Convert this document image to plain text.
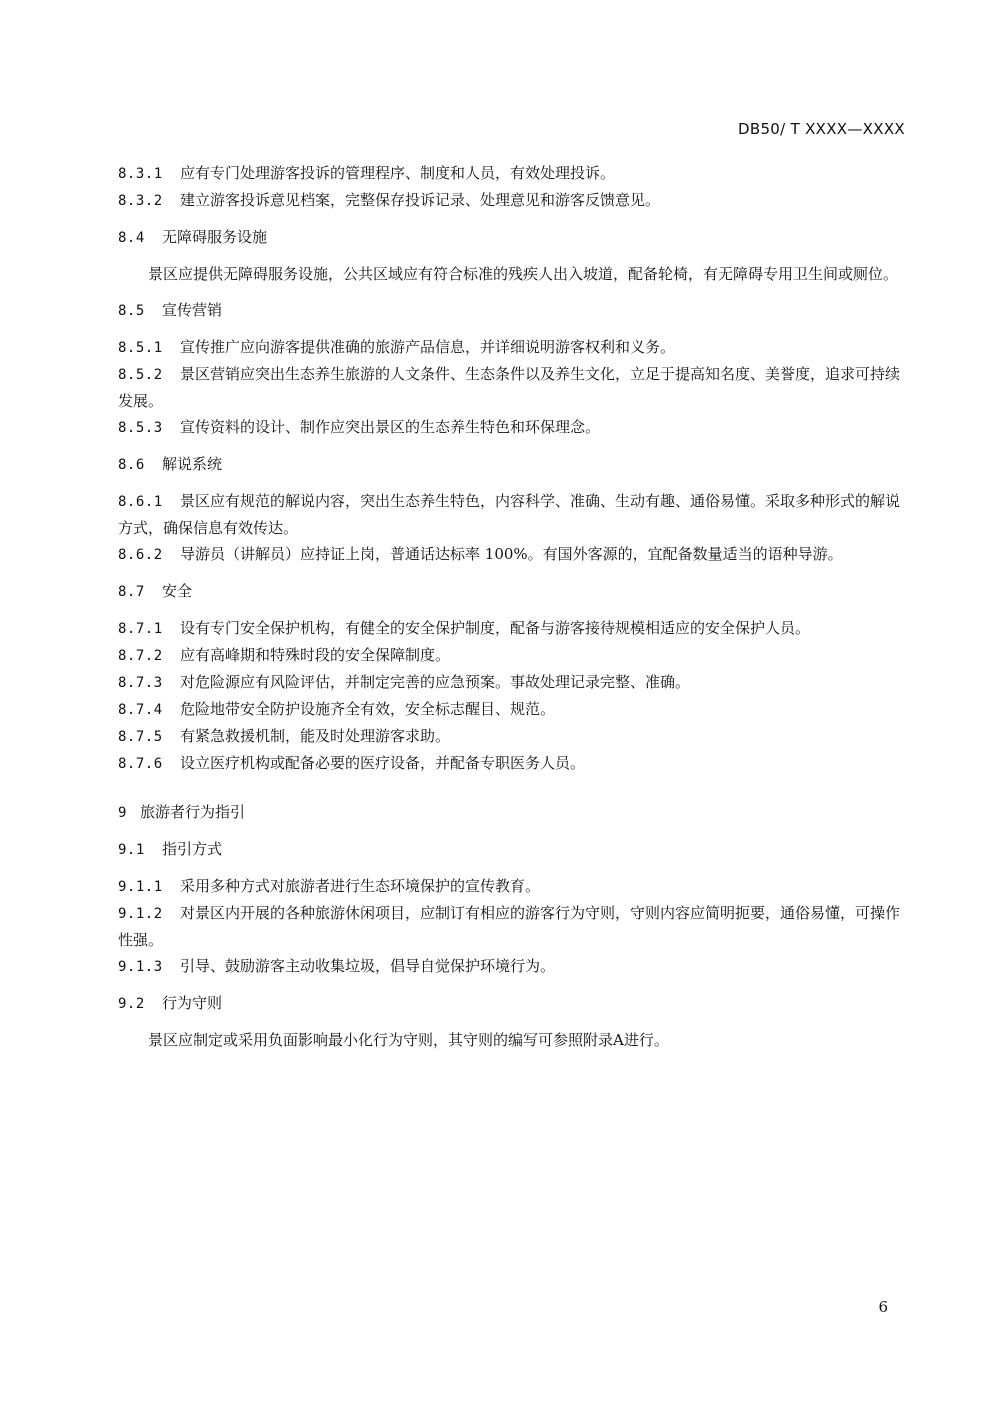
DB50/ T XXXX—XXXX

8.3.1 应有专门处理游客投诉的管理程序、制度和人员，有效处理投诉。

8.3.2 建立游客投诉意见档案，完整保存投诉记录、处理意见和游客反馈意见。

8.4 无障碍服务设施

景区应提供无障碍服务设施，公共区域应有符合标准的残疾人出入坡道，配备轮椅，有无障碍专用卫生间或厕位。

8.5 宣传营销

8.5.1 宣传推广应向游客提供准确的旅游产品信息，并详细说明游客权利和义务。

8.5.2 景区营销应突出生态养生旅游的人文条件、生态条件以及养生文化，立足于提高知名度、美誉度，追求可持续发展。

8.5.3 宣传资料的设计、制作应突出景区的生态养生特色和环保理念。

8.6 解说系统

8.6.1 景区应有规范的解说内容，突出生态养生特色，内容科学、准确、生动有趣、通俗易懂。采取多种形式的解说方式，确保信息有效传达。

8.6.2 导游员（讲解员）应持证上岗，普通话达标率 100%。有国外客源的，宜配备数量适当的语种导游。

8.7 安全

8.7.1 设有专门安全保护机构，有健全的安全保护制度，配备与游客接待规模相适应的安全保护人员。

8.7.2 应有高峰期和特殊时段的安全保障制度。

8.7.3 对危险源应有风险评估，并制定完善的应急预案。事故处理记录完整、准确。

8.7.4 危险地带安全防护设施齐全有效，安全标志醒目、规范。

8.7.5 有紧急救援机制，能及时处理游客求助。

8.7.6 设立医疗机构或配备必要的医疗设备，并配备专职医务人员。

9 旅游者行为指引

9.1 指引方式

9.1.1 采用多种方式对旅游者进行生态环境保护的宣传教育。

9.1.2 对景区内开展的各种旅游休闲项目，应制订有相应的游客行为守则，守则内容应简明扼要，通俗易懂，可操作性强。

9.1.3 引导、鼓励游客主动收集垃圾，倡导自觉保护环境行为。

9.2 行为守则

景区应制定或采用负面影响最小化行为守则，其守则的编写可参照附录A进行。

6
